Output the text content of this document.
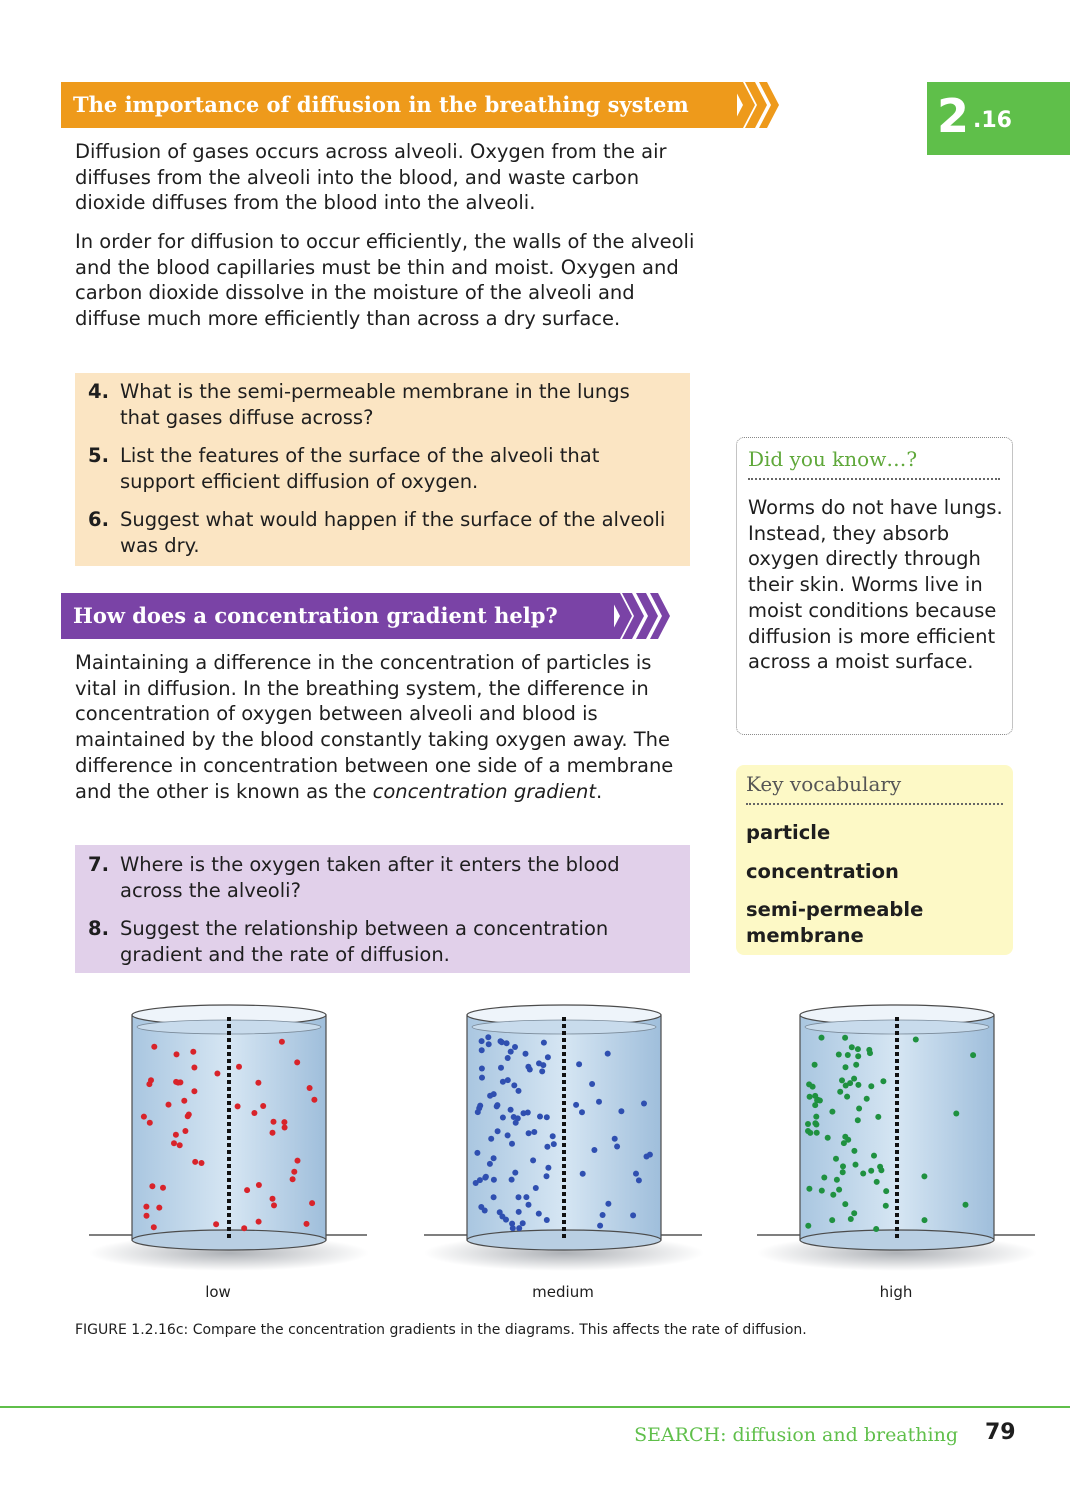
The importance of diffusion in the breathing system	2 .16

Diffusion of gases occurs across alveoli. Oxygen from the air diffuses from the alveoli into the blood, and waste carbon dioxide diffuses from the blood into the alveoli.

In order for diffusion to occur efficiently, the walls of the alveoli and the blood capillaries must be thin and moist. Oxygen and carbon dioxide dissolve in the moisture of the alveoli and diffuse much more efficiently than across a dry surface.

4. What is the semi-permeable membrane in the lungs that gases diffuse across?
5. List the features of the surface of the alveoli that support efficient diffusion of oxygen.
6. Suggest what would happen if the surface of the alveoli was dry.
How does a concentration gradient help?

Maintaining a difference in the concentration of particles is vital in diffusion. In the breathing system, the difference in concentration of oxygen between alveoli and blood is maintained by the blood constantly taking oxygen away. The difference in concentration between one side of a membrane and the other is known as the concentration gradient.

7. Where is the oxygen taken after it enters the blood across the alveoli?
8. Suggest the relationship between a concentration gradient and the rate of diffusion.
Did you know…?
Worms do not have lungs. Instead, they absorb oxygen directly through their skin. Worms live in moist conditions because diffusion is more efficient across a moist surface.
Key vocabulary
particle
concentration
semi-permeable membrane
low	medium	high
FIGURE 1.2.16c: Compare the concentration gradients in the diagrams. This affects the rate of diffusion.
SEARCH: diffusion and breathing 79
